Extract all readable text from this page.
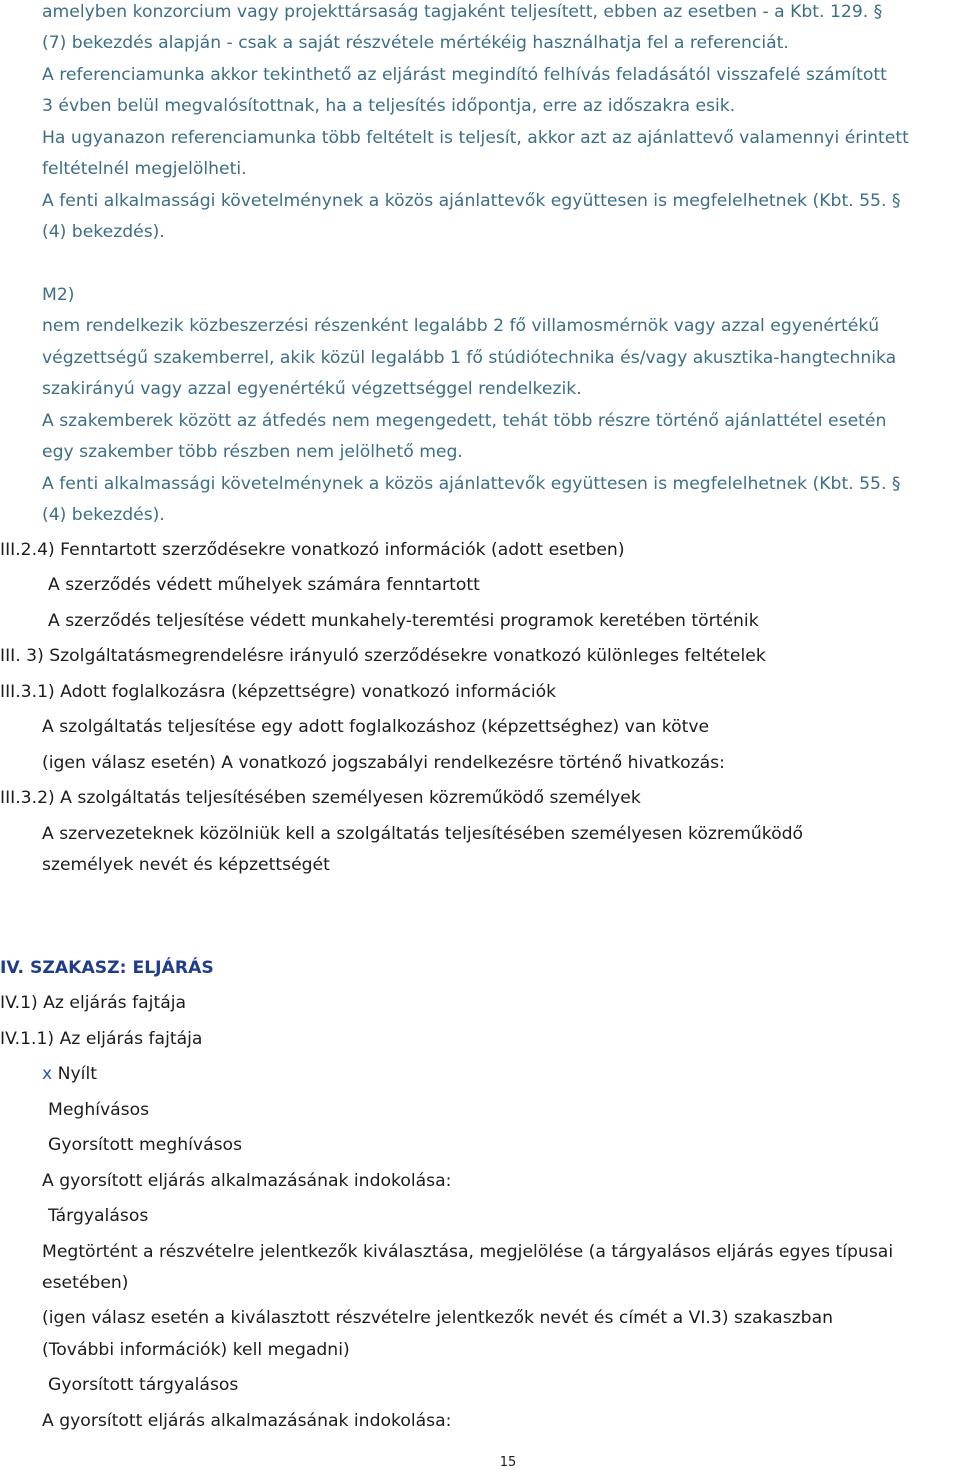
amelyben konzorcium vagy projekttársaság tagjaként teljesített, ebben az esetben - a Kbt. 129. §
(7) bekezdés alapján - csak a saját részvétele mértékéig használhatja fel a referenciát.
A referenciamunka akkor tekinthető az eljárást megindító felhívás feladásától visszafelé számított
3 évben belül megvalósítottnak, ha a teljesítés időpontja, erre az időszakra esik.
Ha ugyanazon referenciamunka több feltételt is teljesít, akkor azt az ajánlattevő valamennyi érintett
feltételnél megjelölheti.
A fenti alkalmassági követelménynek a közös ajánlattevők együttesen is megfelelhetnek (Kbt. 55. §
(4) bekezdés).
M2)
nem rendelkezik közbeszerzési részenként legalább 2 fő villamosmérnök vagy azzal egyenértékű
végzettségű szakemberrel, akik közül legalább 1 fő stúdiótechnika és/vagy akusztika-hangtechnika
szakirányú vagy azzal egyenértékű végzettséggel rendelkezik.
A szakemberek között az átfedés nem megengedett, tehát több részre történő ajánlattétel esetén
egy szakember több részben nem jelölhető meg.
A fenti alkalmassági követelménynek a közös ajánlattevők együttesen is megfelelhetnek (Kbt. 55. §
(4) bekezdés).
III.2.4) Fenntartott szerződésekre vonatkozó információk (adott esetben)
A szerződés védett műhelyek számára fenntartott
A szerződés teljesítése védett munkahely-teremtési programok keretében történik
III. 3) Szolgáltatásmegrendelésre irányuló szerződésekre vonatkozó különleges feltételek
III.3.1) Adott foglalkozásra (képzettségre) vonatkozó információk
A szolgáltatás teljesítése egy adott foglalkozáshoz (képzettséghez) van kötve
(igen válasz esetén) A vonatkozó jogszabályi rendelkezésre történő hivatkozás:
III.3.2) A szolgáltatás teljesítésében személyesen közreműködő személyek
A szervezeteknek közölniük kell a szolgáltatás teljesítésében személyesen közreműködő
személyek nevét és képzettségét
IV. SZAKASZ: ELJÁRÁS
IV.1) Az eljárás fajtája
IV.1.1) Az eljárás fajtája
x Nyílt
Meghívásos
Gyorsított meghívásos
A gyorsított eljárás alkalmazásának indokolása:
Tárgyalásos
Megtörtént a részvételre jelentkezők kiválasztása, megjelölése (a tárgyalásos eljárás egyes típusai
esetében)
(igen válasz esetén a kiválasztott részvételre jelentkezők nevét és címét a VI.3) szakaszban
(További információk) kell megadni)
Gyorsított tárgyalásos
A gyorsított eljárás alkalmazásának indokolása:
15
